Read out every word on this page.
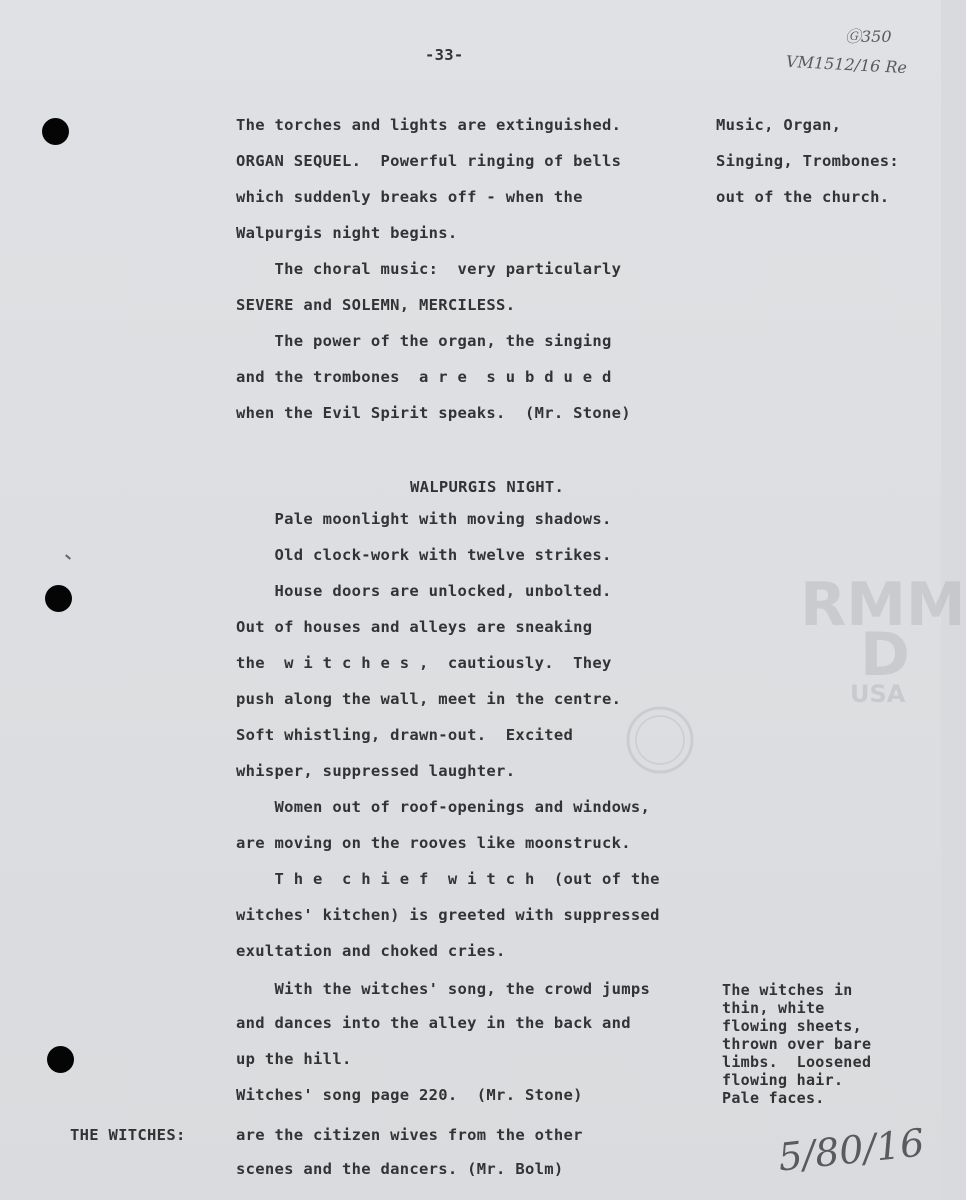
RMM
D
USA
-33-
Ⓖ350
VM1512/16 Re
5/80/16
The torches and lights are extinguished.
ORGAN SEQUEL.  Powerful ringing of bells
which suddenly breaks off - when the
Walpurgis night begins.
The choral music:  very particularly
SEVERE and SOLEMN, MERCILESS.
The power of the organ, the singing
and the trombones  a r e  s u b d u e d
when the Evil Spirit speaks.  (Mr. Stone)
WALPURGIS NIGHT.
Pale moonlight with moving shadows.
Old clock-work with twelve strikes.
House doors are unlocked, unbolted.
Out of houses and alleys are sneaking
the  w i t c h e s ,  cautiously.  They
push along the wall, meet in the centre.
Soft whistling, drawn-out.  Excited
whisper, suppressed laughter.
Women out of roof-openings and windows,
are moving on the rooves like moonstruck.
T h e  c h i e f  w i t c h  (out of the
witches' kitchen) is greeted with suppressed
exultation and choked cries.
With the witches' song, the crowd jumps
and dances into the alley in the back and
up the hill.
Witches' song page 220.  (Mr. Stone)
are the citizen wives from the other
scenes and the dancers. (Mr. Bolm)
Music, Organ,
Singing, Trombones:
out of the church.
The witches in
thin, white
flowing sheets,
thrown over bare
limbs.  Loosened
flowing hair.
Pale faces.
THE WITCHES:
